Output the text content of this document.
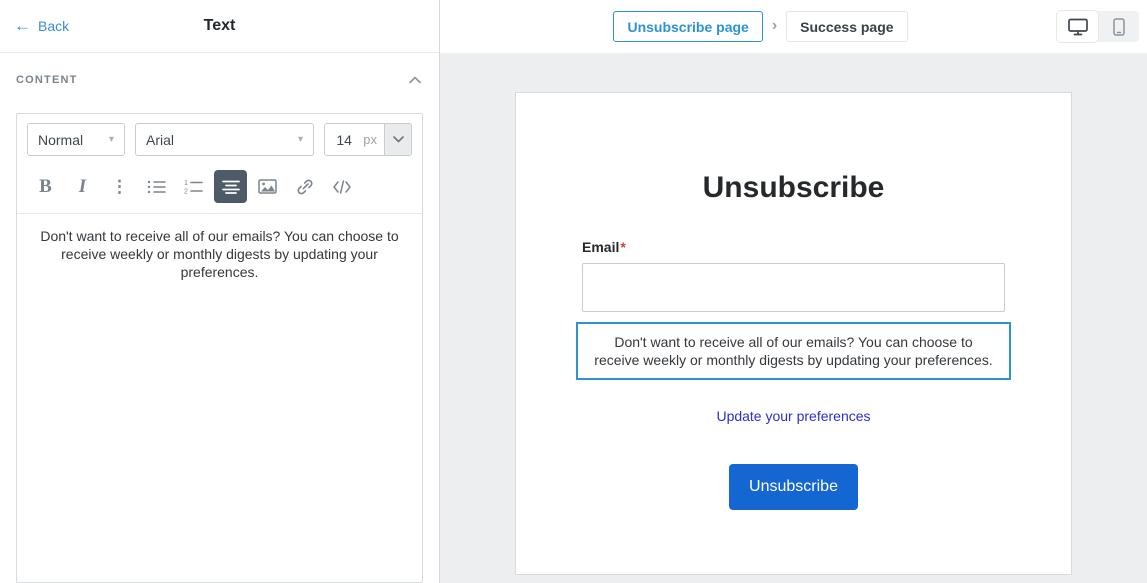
← Back	Text
CONTENT
Normal	▾ Arial	▾	14 px
B I ⋮	1
2

Don't want to receive all of our emails? You can choose to receive weekly or monthly digests by updating your preferences.

Unsubscribe page	›	Success page
Unsubscribe
Email*

Don't want to receive all of our emails? You can choose to receive weekly or monthly digests by updating your preferences.

Update your preferences
Unsubscribe
